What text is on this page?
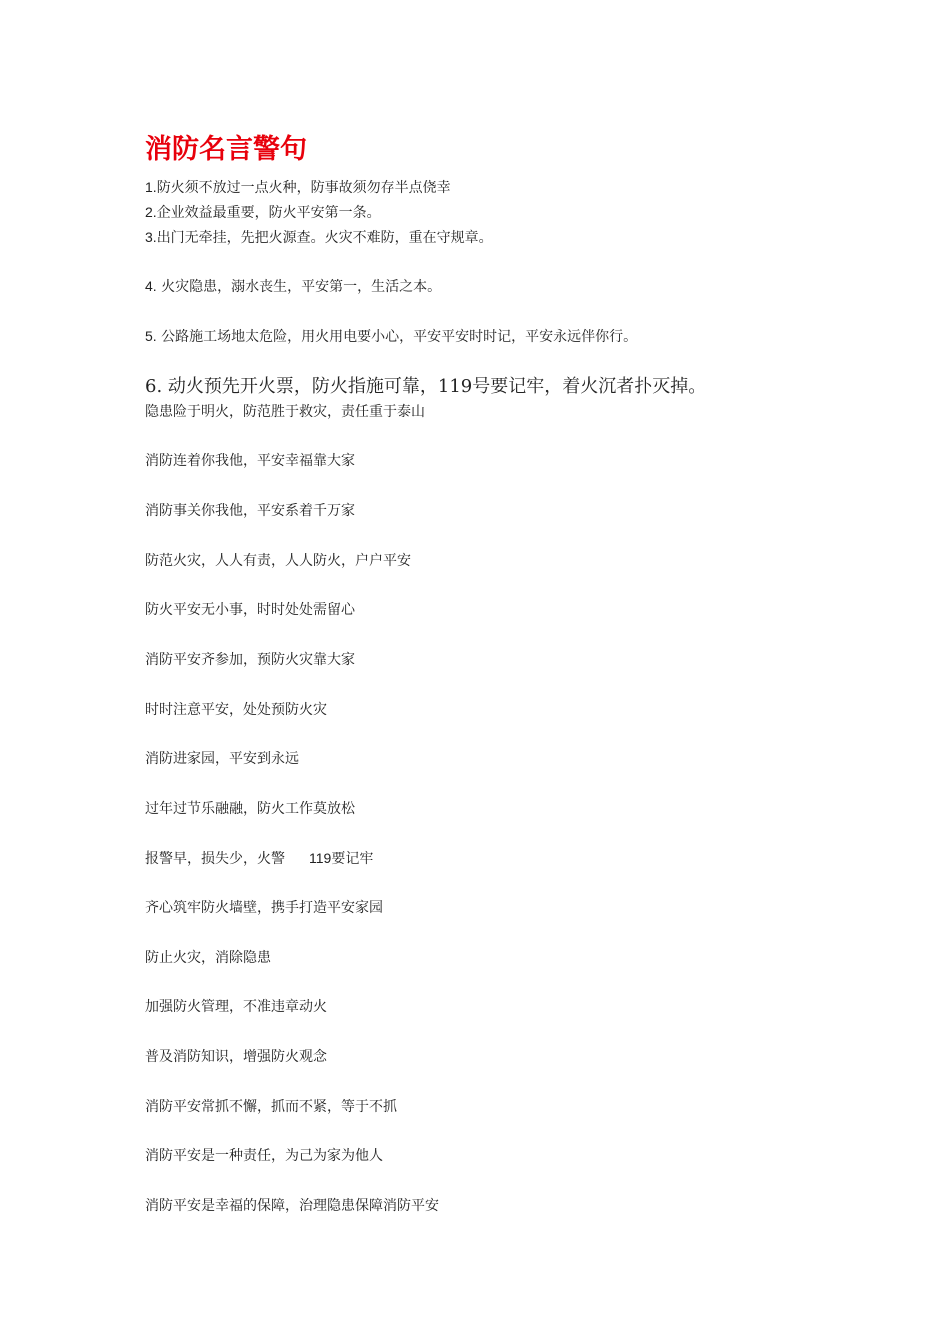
消防名言警句

1.防火须不放过一点火种，防事故须勿存半点侥幸

2.企业效益最重要，防火平安第一条。

3.出门无牵挂，先把火源查。火灾不难防，重在守规章。

4. 火灾隐患，溺水丧生，平安第一，生活之本。

5. 公路施工场地太危险，用火用电要小心，平安平安时时记，平安永远伴你行。

6. 动火预先开火票，防火指施可靠，119号要记牢，着火沉者扑灭掉。

隐患险于明火，防范胜于救灾，责任重于泰山

消防连着你我他，平安幸福靠大家

消防事关你我他，平安系着千万家

防范火灾，人人有责，人人防火，户户平安

防火平安无小事，时时处处需留心

消防平安齐参加，预防火灾靠大家

时时注意平安，处处预防火灾

消防进家园，平安到永远

过年过节乐融融，防火工作莫放松

报警早，损失少，火警 119要记牢

齐心筑牢防火墙壁，携手打造平安家园

防止火灾，消除隐患

加强防火管理，不准违章动火

普及消防知识，增强防火观念

消防平安常抓不懈，抓而不紧，等于不抓

消防平安是一种责任，为己为家为他人

消防平安是幸福的保障，治理隐患保障消防平安
